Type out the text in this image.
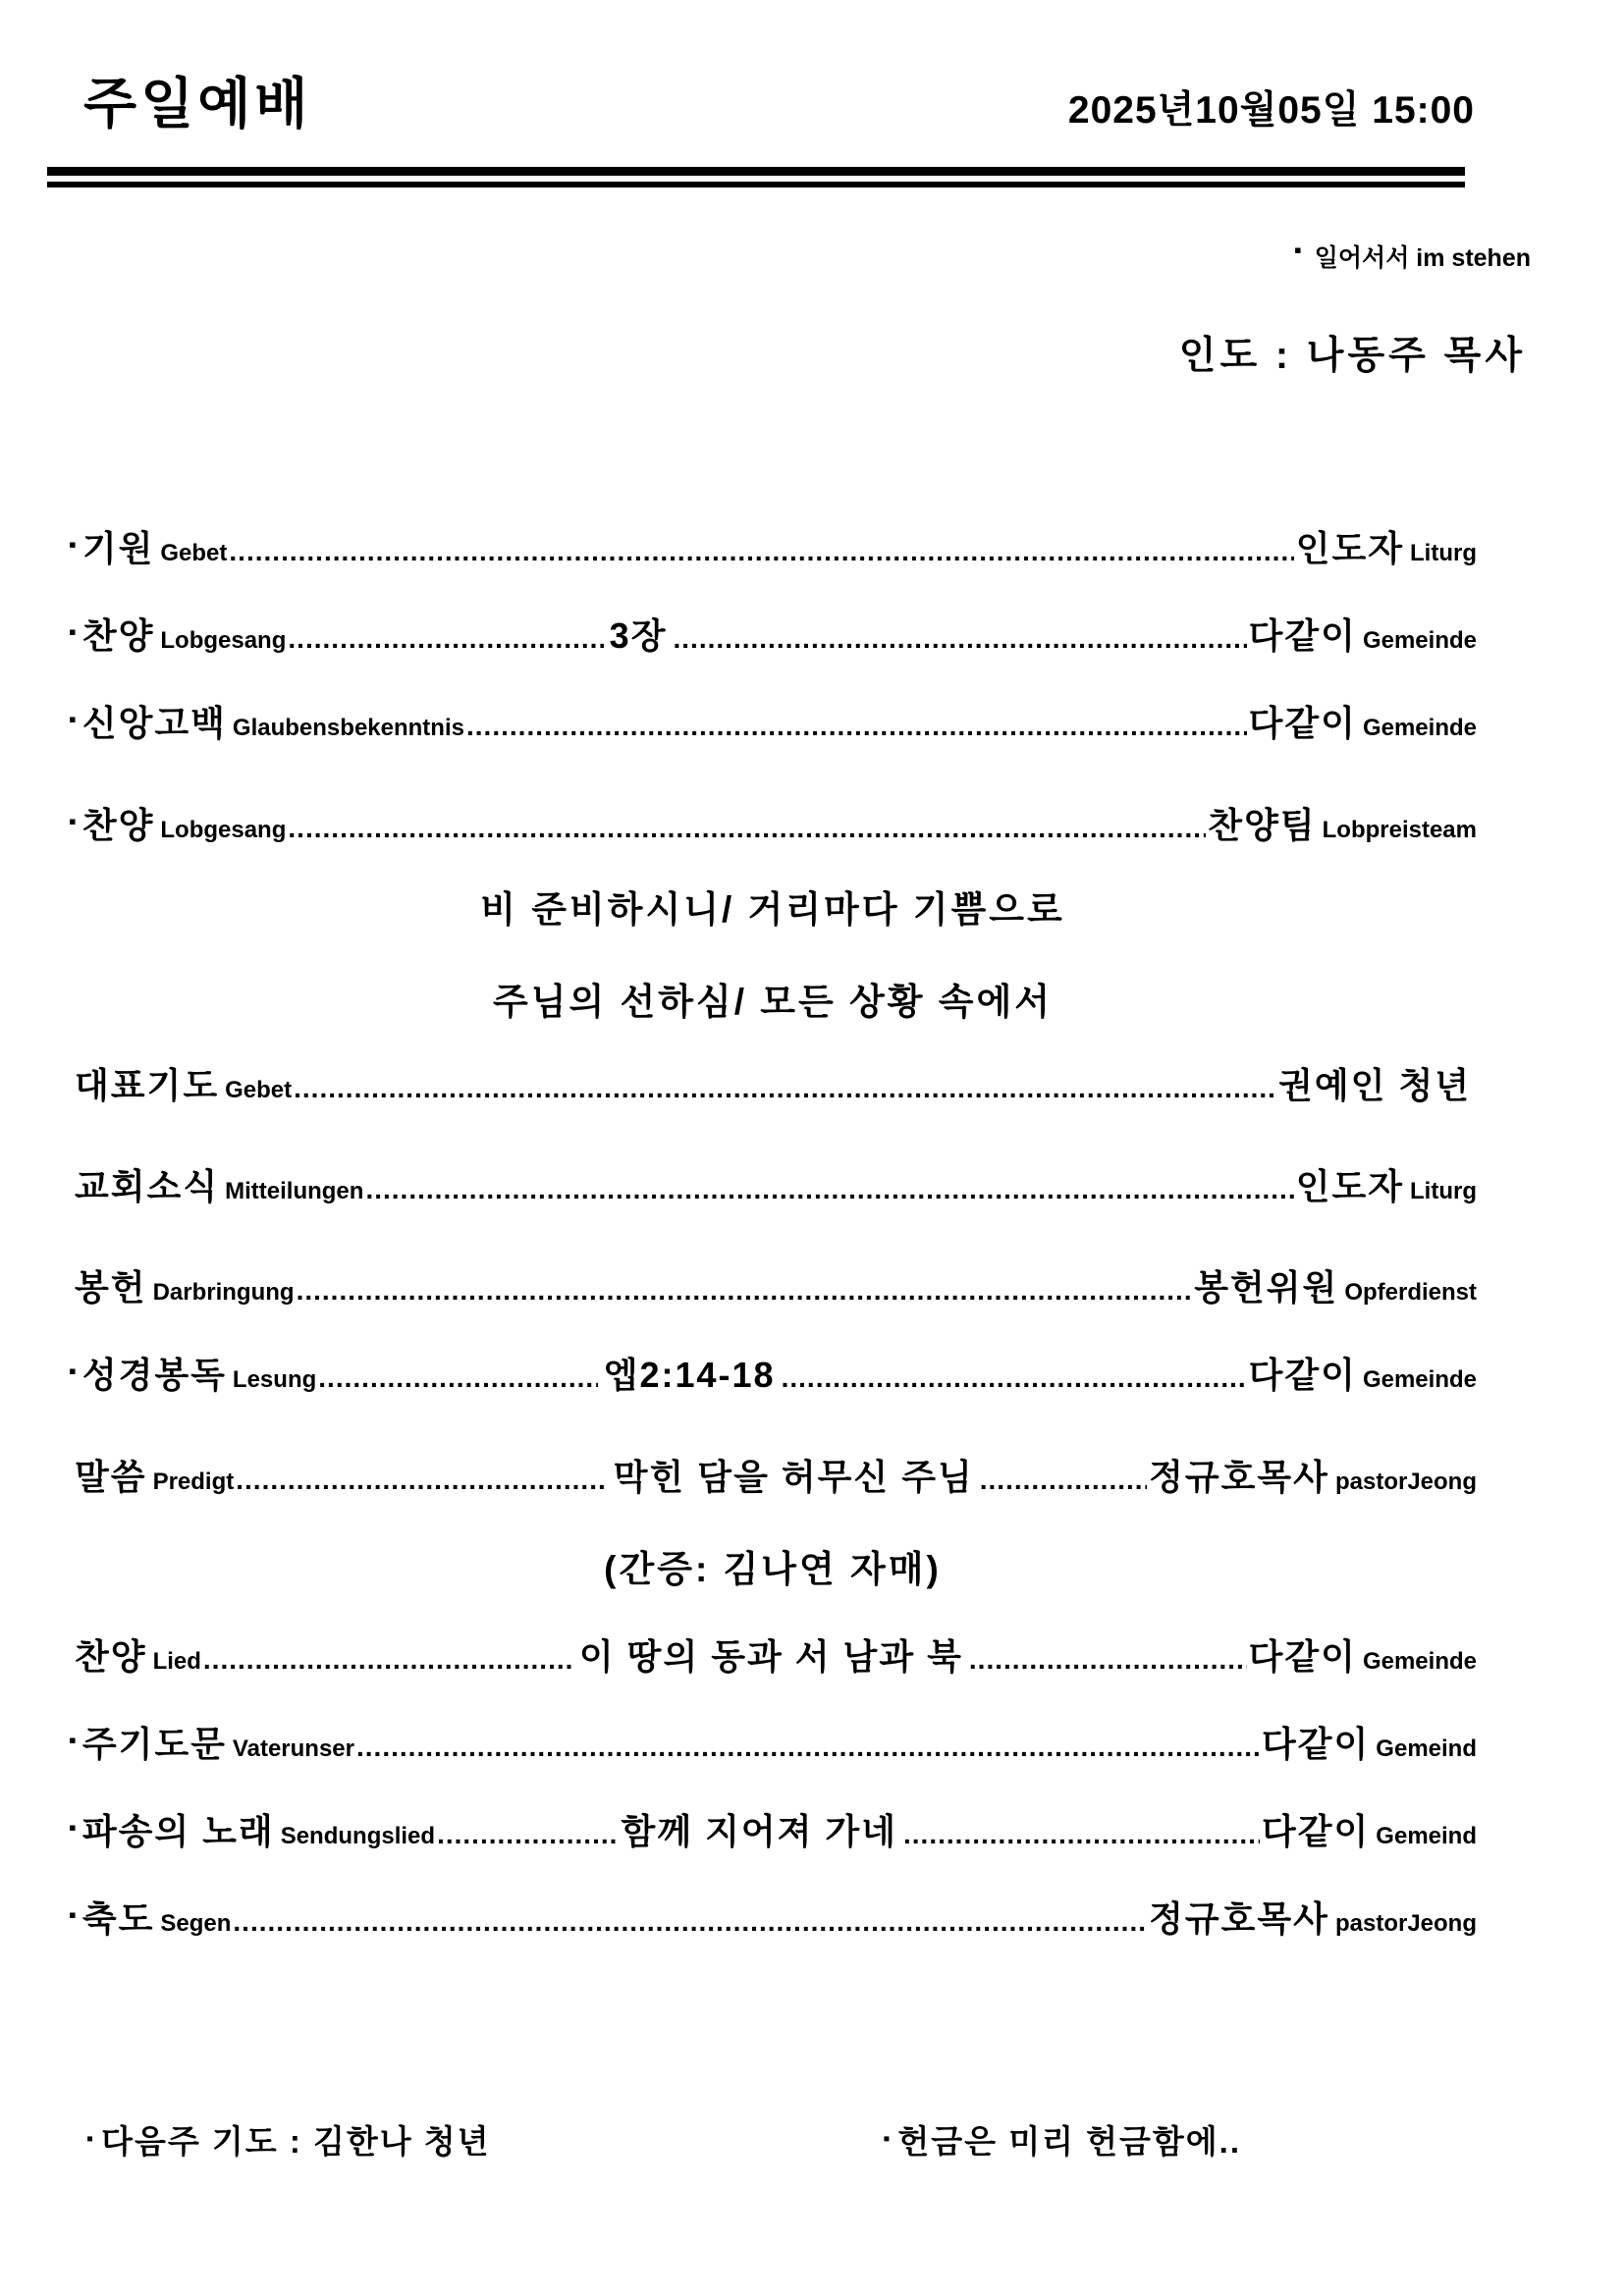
주일예배	2025년10월05일 15:00
▪ 일어서서 im stehen
인도 : 나동주 목사
▪ 기원 Gebet .....	인도자 Liturg
▪ 찬양 Lobgesang .....	3장 .....	다같이 Gemeinde
▪ 신앙고백 Glaubensbekenntnis .....	다같이 Gemeinde
▪ 찬양 Lobgesang .....	찬양팀 Lobpreisteam
비 준비하시니/ 거리마다 기쁨으로
주님의 선하심/ 모든 상황 속에서
대표기도 Gebet .....	권예인 청년
교회소식 Mitteilungen .....	인도자 Liturg
봉헌 Darbringung .....	봉헌위원 Opferdienst
▪ 성경봉독 Lesung .....	엡2:14-18 .....	다같이 Gemeinde
말씀 Predigt .....	막힌 담을 허무신 주님 .....	정규호목사 pastorJeong
(간증: 김나연 자매)
찬양 Lied .....	이 땅의 동과 서 남과 북 .....	다같이 Gemeinde
▪ 주기도문 Vaterunser .....	다같이 Gemeind
▪ 파송의 노래 Sendungslied .....	함께 지어져 가네 .....	다같이 Gemeind
▪ 축도 Segen .....	정규호목사 pastorJeong
▪ 다음주 기도 : 김한나 청년	▪ 헌금은 미리 헌금함에..
